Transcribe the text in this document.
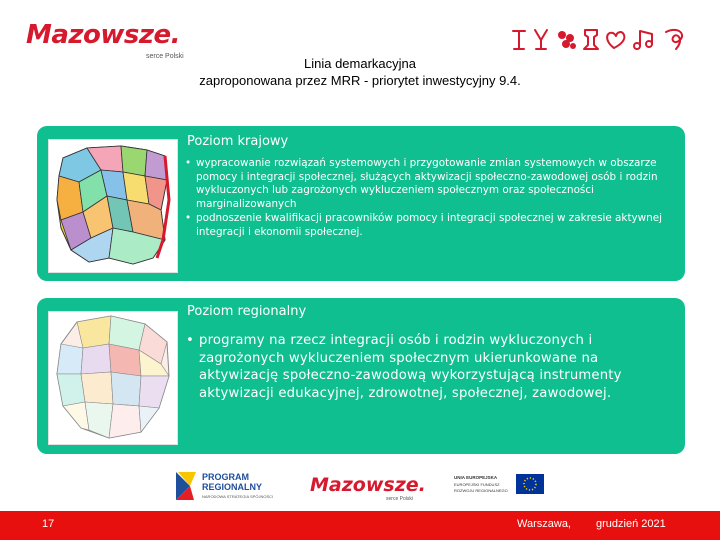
Mazowsze.
serce Polski	Linia demarkacyjna
zaproponowana przez MRR - priorytet inwestycyjny 9.4.
Poziom krajowy
• wypracowanie rozwiązań systemowych i przygotowanie zmian systemowych w obszarze pomocy i integracji społecznej, służących aktywizacji społeczno-zawodowej osób i rodzin wykluczonych lub zagrożonych wykluczeniem społecznym oraz społeczności marginalizowanych
• podnoszenie kwalifikacji pracowników pomocy i integracji społecznej w zakresie aktywnej integracji i ekonomii społecznej.
Poziom regionalny
• programy na rzecz integracji osób i rodzin wykluczonych i zagrożonych wykluczeniem społecznym ukierunkowane na aktywizację społeczno-zawodową wykorzystującą instrumenty aktywizacji edukacyjnej, zdrowotnej, społecznej, zawodowej.
PROGRAM
REGIONALNY
NARODOWA STRATEGIA SPÓJNOŚCI
Mazowsze.
serce Polski
UNIA EUROPEJSKA
EUROPEJSKI FUNDUSZ
ROZWOJU REGIONALNEGO
17	Warszawa, grudzień 2021
